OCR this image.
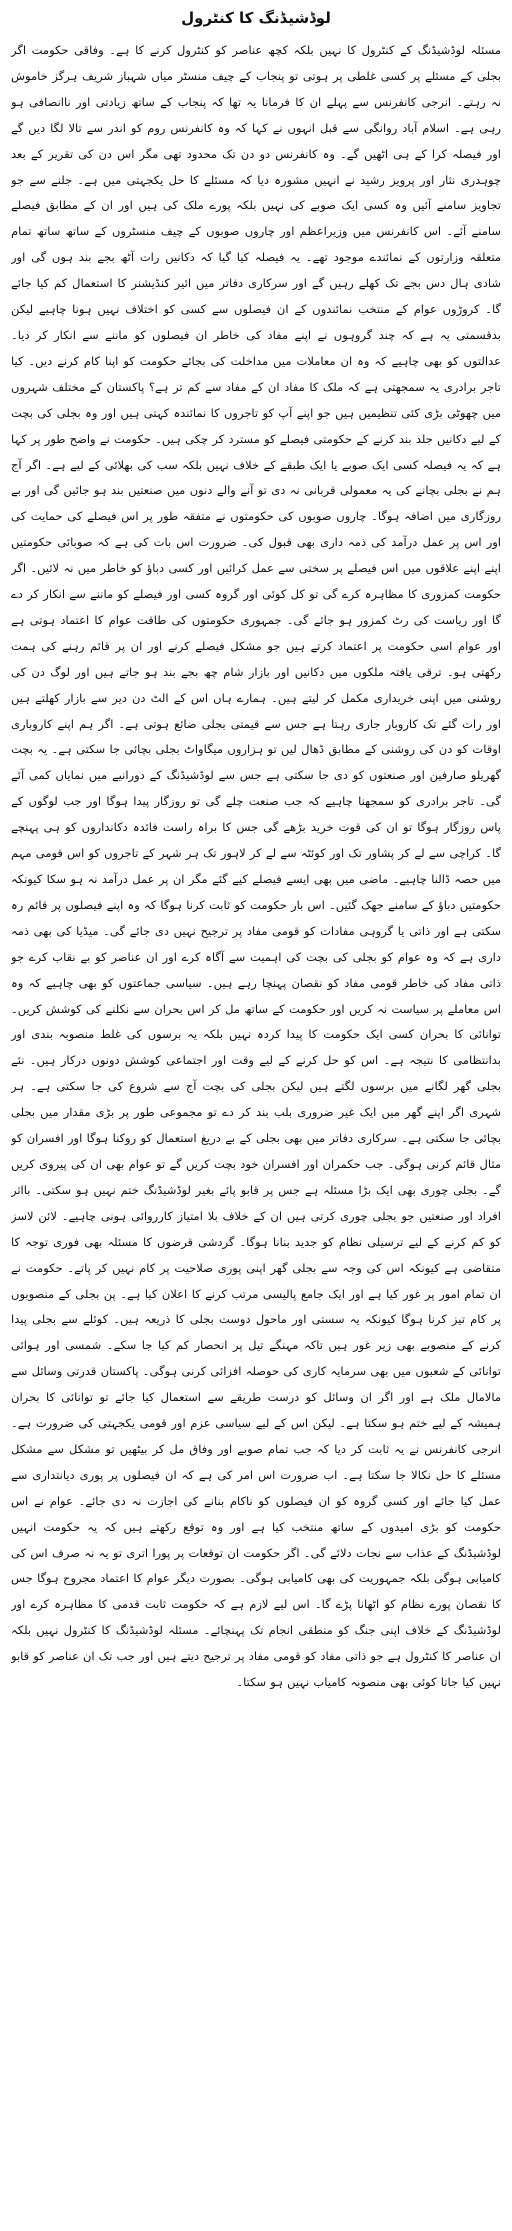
لوڈشیڈنگ کا کنٹرول

مسئلہ لوڈشیڈنگ کے کنٹرول کا نہیں بلکہ کچھ عناصر کو کنٹرول کرنے کا ہے۔ وفاقی حکومت اگر بجلی کے مسئلے پر کسی غلطی پر ہوتی تو پنجاب کے چیف منسٹر میاں شہباز شریف ہرگز خاموش نہ رہتے۔ انرجی کانفرنس سے پہلے ان کا فرمانا یہ تھا کہ پنجاب کے ساتھ زیادتی اور ناانصافی ہو رہی ہے۔ اسلام آباد روانگی سے قبل انہوں نے کہا کہ وہ کانفرنس روم کو اندر سے تالا لگا دیں گے اور فیصلہ کرا کے ہی اٹھیں گے۔ وہ کانفرنس دو دن تک محدود تھی مگر اس دن کی تقریر کے بعد چوہدری نثار اور پرویز رشید نے انہیں مشورہ دیا کہ مسئلے کا حل یکجہتی میں ہے۔ جلنے سے جو تجاویز سامنے آئیں وہ کسی ایک صوبے کی نہیں بلکہ پورے ملک کی ہیں اور ان کے مطابق فیصلے سامنے آئے۔ اس کانفرنس میں وزیراعظم اور چاروں صوبوں کے چیف منسٹروں کے ساتھ ساتھ تمام متعلقہ وزارتوں کے نمائندے موجود تھے۔ یہ فیصلہ کیا گیا کہ دکانیں رات آٹھ بجے بند ہوں گی اور شادی ہال دس بجے تک کھلے رہیں گے اور سرکاری دفاتر میں ائیر کنڈیشنر کا استعمال کم کیا جائے گا۔ کروڑوں عوام کے منتخب نمائندوں کے ان فیصلوں سے کسی کو اختلاف نہیں ہونا چاہیے لیکن بدقسمتی یہ ہے کہ چند گروہوں نے اپنے مفاد کی خاطر ان فیصلوں کو ماننے سے انکار کر دیا۔ عدالتوں کو بھی چاہیے کہ وہ ان معاملات میں مداخلت کی بجائے حکومت کو اپنا کام کرنے دیں۔ کیا تاجر برادری یہ سمجھتی ہے کہ ملک کا مفاد ان کے مفاد سے کم تر ہے؟ پاکستان کے مختلف شہروں میں چھوٹی بڑی کئی تنظیمیں ہیں جو اپنے آپ کو تاجروں کا نمائندہ کہتی ہیں اور وہ بجلی کی بچت کے لیے دکانیں جلد بند کرنے کے حکومتی فیصلے کو مسترد کر چکی ہیں۔ حکومت نے واضح طور پر کہا ہے کہ یہ فیصلہ کسی ایک صوبے یا ایک طبقے کے خلاف نہیں بلکہ سب کی بھلائی کے لیے ہے۔ اگر آج ہم نے بجلی بچانے کی یہ معمولی قربانی نہ دی تو آنے والے دنوں میں صنعتیں بند ہو جائیں گی اور بے روزگاری میں اضافہ ہوگا۔ چاروں صوبوں کی حکومتوں نے متفقہ طور پر اس فیصلے کی حمایت کی اور اس پر عمل درآمد کی ذمہ داری بھی قبول کی۔ ضرورت اس بات کی ہے کہ صوبائی حکومتیں اپنے اپنے علاقوں میں اس فیصلے پر سختی سے عمل کرائیں اور کسی دباؤ کو خاطر میں نہ لائیں۔ اگر حکومت کمزوری کا مظاہرہ کرے گی تو کل کوئی اور گروہ کسی اور فیصلے کو ماننے سے انکار کر دے گا اور ریاست کی رٹ کمزور ہو جائے گی۔ جمہوری حکومتوں کی طاقت عوام کا اعتماد ہوتی ہے اور عوام اسی حکومت پر اعتماد کرتے ہیں جو مشکل فیصلے کرنے اور ان پر قائم رہنے کی ہمت رکھتی ہو۔ ترقی یافتہ ملکوں میں دکانیں اور بازار شام چھ بجے بند ہو جاتے ہیں اور لوگ دن کی روشنی میں اپنی خریداری مکمل کر لیتے ہیں۔ ہمارے ہاں اس کے الٹ دن دیر سے بازار کھلتے ہیں اور رات گئے تک کاروبار جاری رہتا ہے جس سے قیمتی بجلی ضائع ہوتی ہے۔ اگر ہم اپنے کاروباری اوقات کو دن کی روشنی کے مطابق ڈھال لیں تو ہزاروں میگاواٹ بجلی بچائی جا سکتی ہے۔ یہ بچت گھریلو صارفین اور صنعتوں کو دی جا سکتی ہے جس سے لوڈشیڈنگ کے دورانیے میں نمایاں کمی آئے گی۔ تاجر برادری کو سمجھنا چاہیے کہ جب صنعت چلے گی تو روزگار پیدا ہوگا اور جب لوگوں کے پاس روزگار ہوگا تو ان کی قوت خرید بڑھے گی جس کا براہ راست فائدہ دکانداروں کو ہی پہنچے گا۔ کراچی سے لے کر پشاور تک اور کوئٹہ سے لے کر لاہور تک ہر شہر کے تاجروں کو اس قومی مہم میں حصہ ڈالنا چاہیے۔ ماضی میں بھی ایسے فیصلے کیے گئے مگر ان پر عمل درآمد نہ ہو سکا کیونکہ حکومتیں دباؤ کے سامنے جھک گئیں۔ اس بار حکومت کو ثابت کرنا ہوگا کہ وہ اپنے فیصلوں پر قائم رہ سکتی ہے اور ذاتی یا گروہی مفادات کو قومی مفاد پر ترجیح نہیں دی جائے گی۔ میڈیا کی بھی ذمہ داری ہے کہ وہ عوام کو بجلی کی بچت کی اہمیت سے آگاہ کرے اور ان عناصر کو بے نقاب کرے جو ذاتی مفاد کی خاطر قومی مفاد کو نقصان پہنچا رہے ہیں۔ سیاسی جماعتوں کو بھی چاہیے کہ وہ اس معاملے پر سیاست نہ کریں اور حکومت کے ساتھ مل کر اس بحران سے نکلنے کی کوشش کریں۔ توانائی کا بحران کسی ایک حکومت کا پیدا کردہ نہیں بلکہ یہ برسوں کی غلط منصوبہ بندی اور بدانتظامی کا نتیجہ ہے۔ اس کو حل کرنے کے لیے وقت اور اجتماعی کوشش دونوں درکار ہیں۔ نئے بجلی گھر لگانے میں برسوں لگتے ہیں لیکن بجلی کی بچت آج سے شروع کی جا سکتی ہے۔ ہر شہری اگر اپنے گھر میں ایک غیر ضروری بلب بند کر دے تو مجموعی طور پر بڑی مقدار میں بجلی بچائی جا سکتی ہے۔ سرکاری دفاتر میں بھی بجلی کے بے دریغ استعمال کو روکنا ہوگا اور افسران کو مثال قائم کرنی ہوگی۔ جب حکمران اور افسران خود بچت کریں گے تو عوام بھی ان کی پیروی کریں گے۔ بجلی چوری بھی ایک بڑا مسئلہ ہے جس پر قابو پائے بغیر لوڈشیڈنگ ختم نہیں ہو سکتی۔ بااثر افراد اور صنعتیں جو بجلی چوری کرتی ہیں ان کے خلاف بلا امتیاز کارروائی ہونی چاہیے۔ لائن لاسز کو کم کرنے کے لیے ترسیلی نظام کو جدید بنانا ہوگا۔ گردشی قرضوں کا مسئلہ بھی فوری توجہ کا متقاضی ہے کیونکہ اس کی وجہ سے بجلی گھر اپنی پوری صلاحیت پر کام نہیں کر پاتے۔ حکومت نے ان تمام امور پر غور کیا ہے اور ایک جامع پالیسی مرتب کرنے کا اعلان کیا ہے۔ پن بجلی کے منصوبوں پر کام تیز کرنا ہوگا کیونکہ یہ سستی اور ماحول دوست بجلی کا ذریعہ ہیں۔ کوئلے سے بجلی پیدا کرنے کے منصوبے بھی زیر غور ہیں تاکہ مہنگے تیل پر انحصار کم کیا جا سکے۔ شمسی اور ہوائی توانائی کے شعبوں میں بھی سرمایہ کاری کی حوصلہ افزائی کرنی ہوگی۔ پاکستان قدرتی وسائل سے مالامال ملک ہے اور اگر ان وسائل کو درست طریقے سے استعمال کیا جائے تو توانائی کا بحران ہمیشہ کے لیے ختم ہو سکتا ہے۔ لیکن اس کے لیے سیاسی عزم اور قومی یکجہتی کی ضرورت ہے۔ انرجی کانفرنس نے یہ ثابت کر دیا کہ جب تمام صوبے اور وفاق مل کر بیٹھیں تو مشکل سے مشکل مسئلے کا حل نکالا جا سکتا ہے۔ اب ضرورت اس امر کی ہے کہ ان فیصلوں پر پوری دیانتداری سے عمل کیا جائے اور کسی گروہ کو ان فیصلوں کو ناکام بنانے کی اجازت نہ دی جائے۔ عوام نے اس حکومت کو بڑی امیدوں کے ساتھ منتخب کیا ہے اور وہ توقع رکھتے ہیں کہ یہ حکومت انہیں لوڈشیڈنگ کے عذاب سے نجات دلائے گی۔ اگر حکومت ان توقعات پر پورا اتری تو یہ نہ صرف اس کی کامیابی ہوگی بلکہ جمہوریت کی بھی کامیابی ہوگی۔ بصورت دیگر عوام کا اعتماد مجروح ہوگا جس کا نقصان پورے نظام کو اٹھانا پڑے گا۔ اس لیے لازم ہے کہ حکومت ثابت قدمی کا مظاہرہ کرے اور لوڈشیڈنگ کے خلاف اپنی جنگ کو منطقی انجام تک پہنچائے۔ مسئلہ لوڈشیڈنگ کا کنٹرول نہیں بلکہ ان عناصر کا کنٹرول ہے جو ذاتی مفاد کو قومی مفاد پر ترجیح دیتے ہیں اور جب تک ان عناصر کو قابو نہیں کیا جاتا کوئی بھی منصوبہ کامیاب نہیں ہو سکتا۔
